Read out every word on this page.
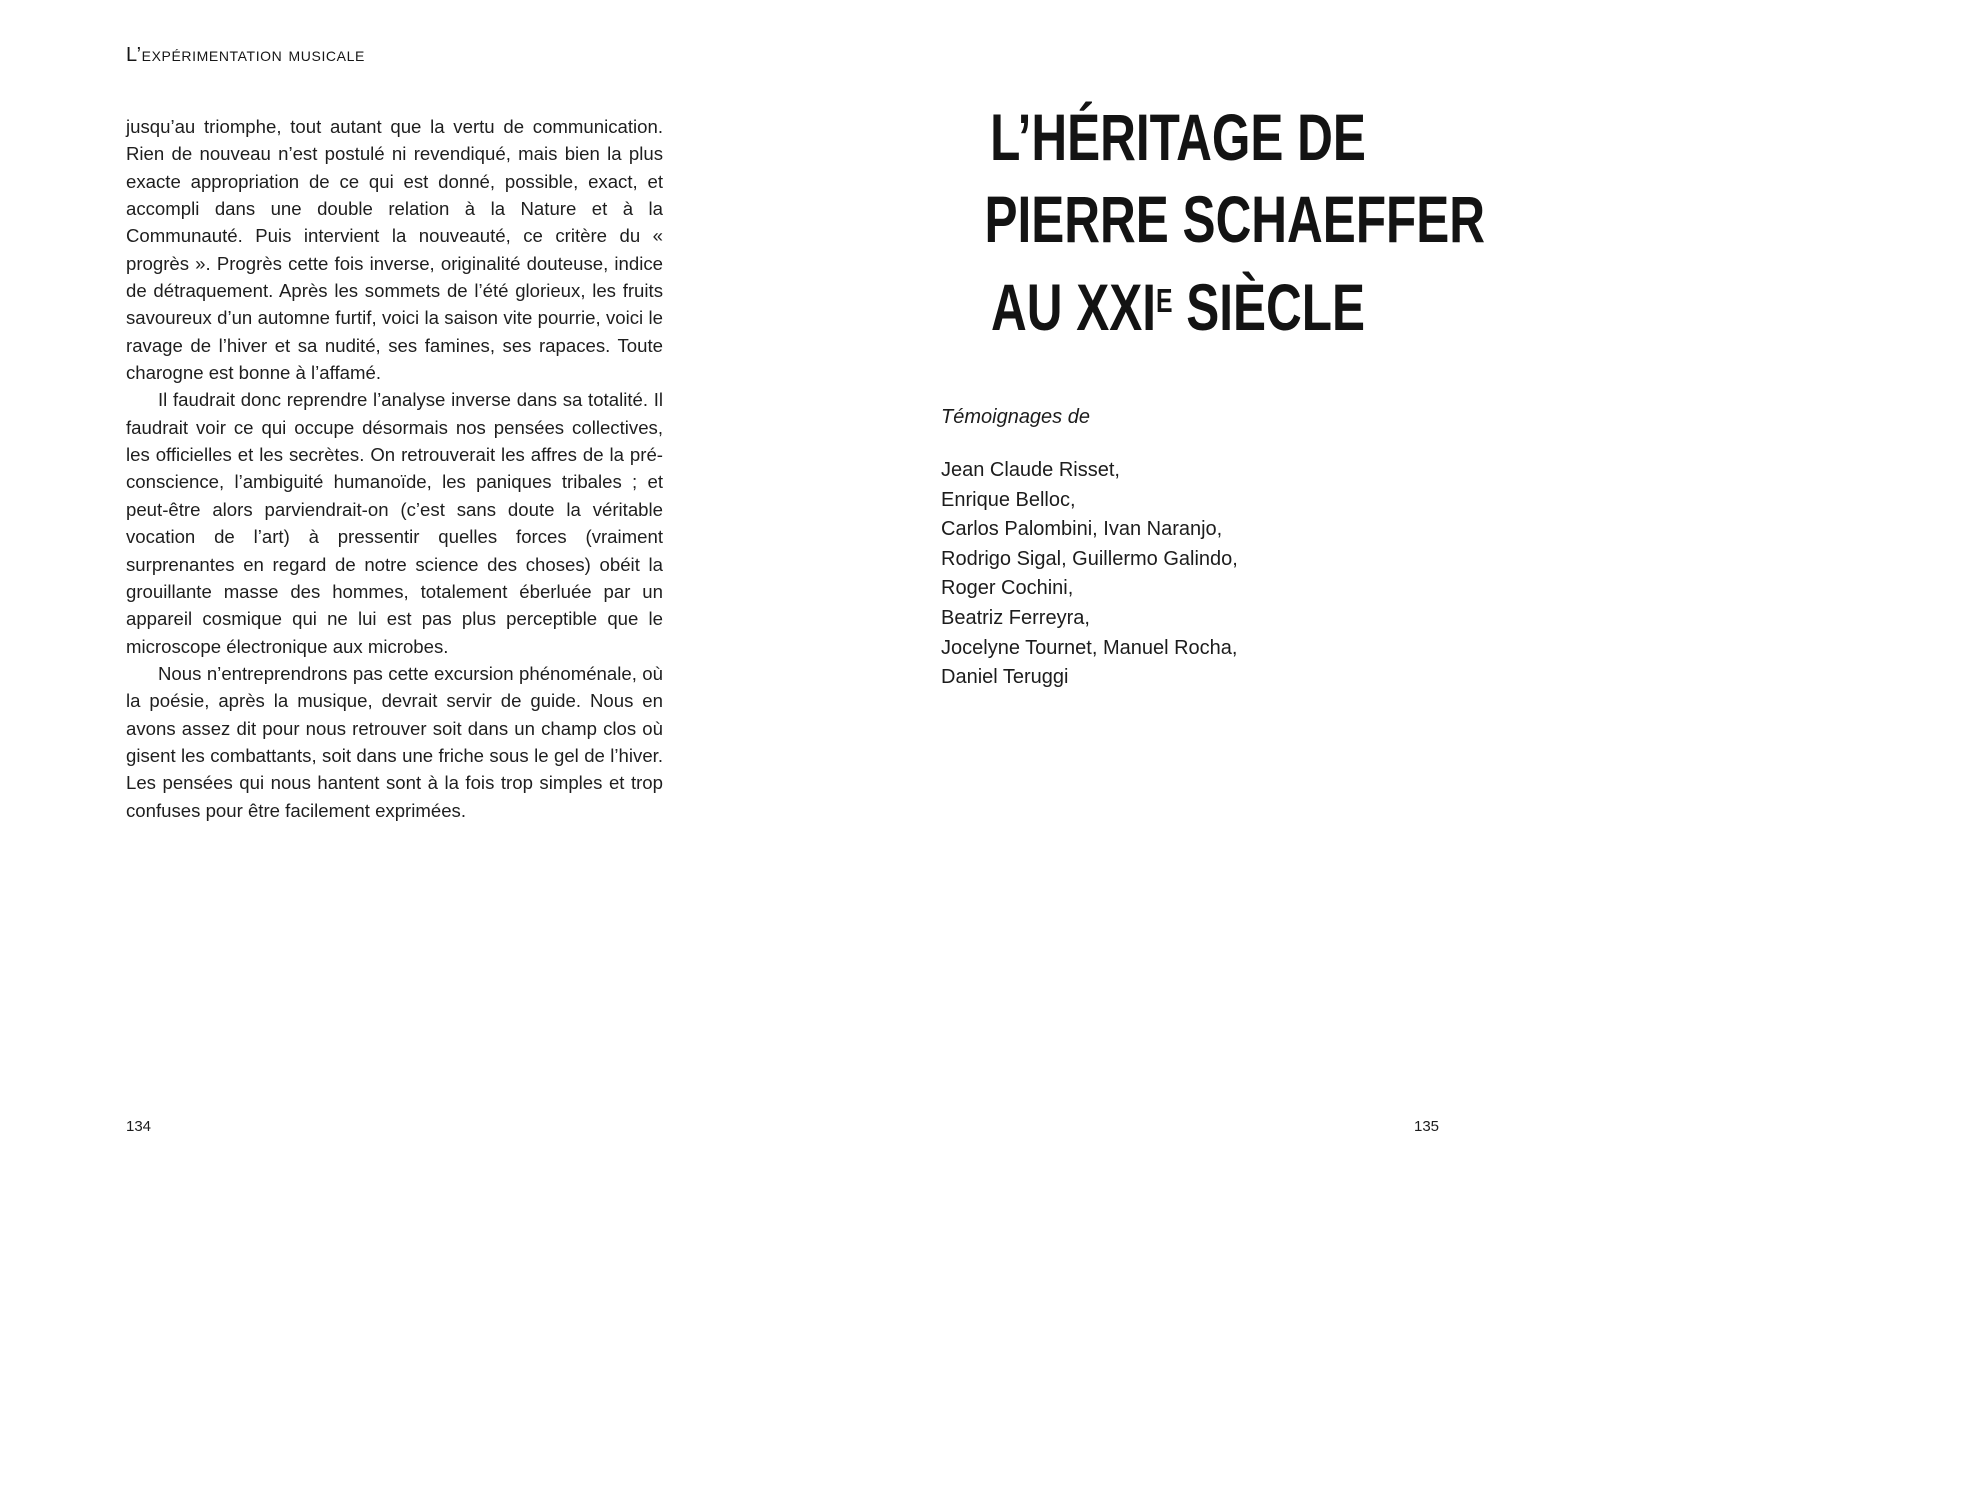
L’expérimentation musicale

jusqu’au triomphe, tout autant que la vertu de communication. Rien de nouveau n’est postulé ni revendiqué, mais bien la plus exacte appropriation de ce qui est donné, possible, exact, et accompli dans une double relation à la Nature et à la Communauté. Puis intervient la nouveauté, ce critère du « progrès ». Progrès cette fois inverse, originalité douteuse, indice de détraquement. Après les sommets de l’été glorieux, les fruits savoureux d’un automne furtif, voici la saison vite pourrie, voici le ravage de l’hiver et sa nudité, ses famines, ses rapaces. Toute charogne est bonne à l’affamé.

Il faudrait donc reprendre l’analyse inverse dans sa totalité. Il faudrait voir ce qui occupe désormais nos pensées collectives, les officielles et les secrètes. On retrouverait les affres de la pré-conscience, l’ambiguité humanoïde, les paniques tribales ; et peut-être alors parviendrait-on (c’est sans doute la véritable vocation de l’art) à pressentir quelles forces (vraiment surprenantes en regard de notre science des choses) obéit la grouillante masse des hommes, totalement éberluée par un appareil cosmique qui ne lui est pas plus perceptible que le microscope électronique aux microbes.

Nous n’entreprendrons pas cette excursion phénoménale, où la poésie, après la musique, devrait servir de guide. Nous en avons assez dit pour nous retrouver soit dans un champ clos où gisent les combattants, soit dans une friche sous le gel de l’hiver. Les pensées qui nous hantent sont à la fois trop simples et trop confuses pour être facilement exprimées.

134
L’HÉRITAGE DE
PIERRE SCHAEFFER
AU $XXI^E$ SIÈCLE
Témoignages de
Jean Claude Risset,
Enrique Belloc,
Carlos Palombini, Ivan Naranjo,
Rodrigo Sigal, Guillermo Galindo,
Roger Cochini,
Beatriz Ferreyra,
Jocelyne Tournet, Manuel Rocha,
Daniel Teruggi
135
